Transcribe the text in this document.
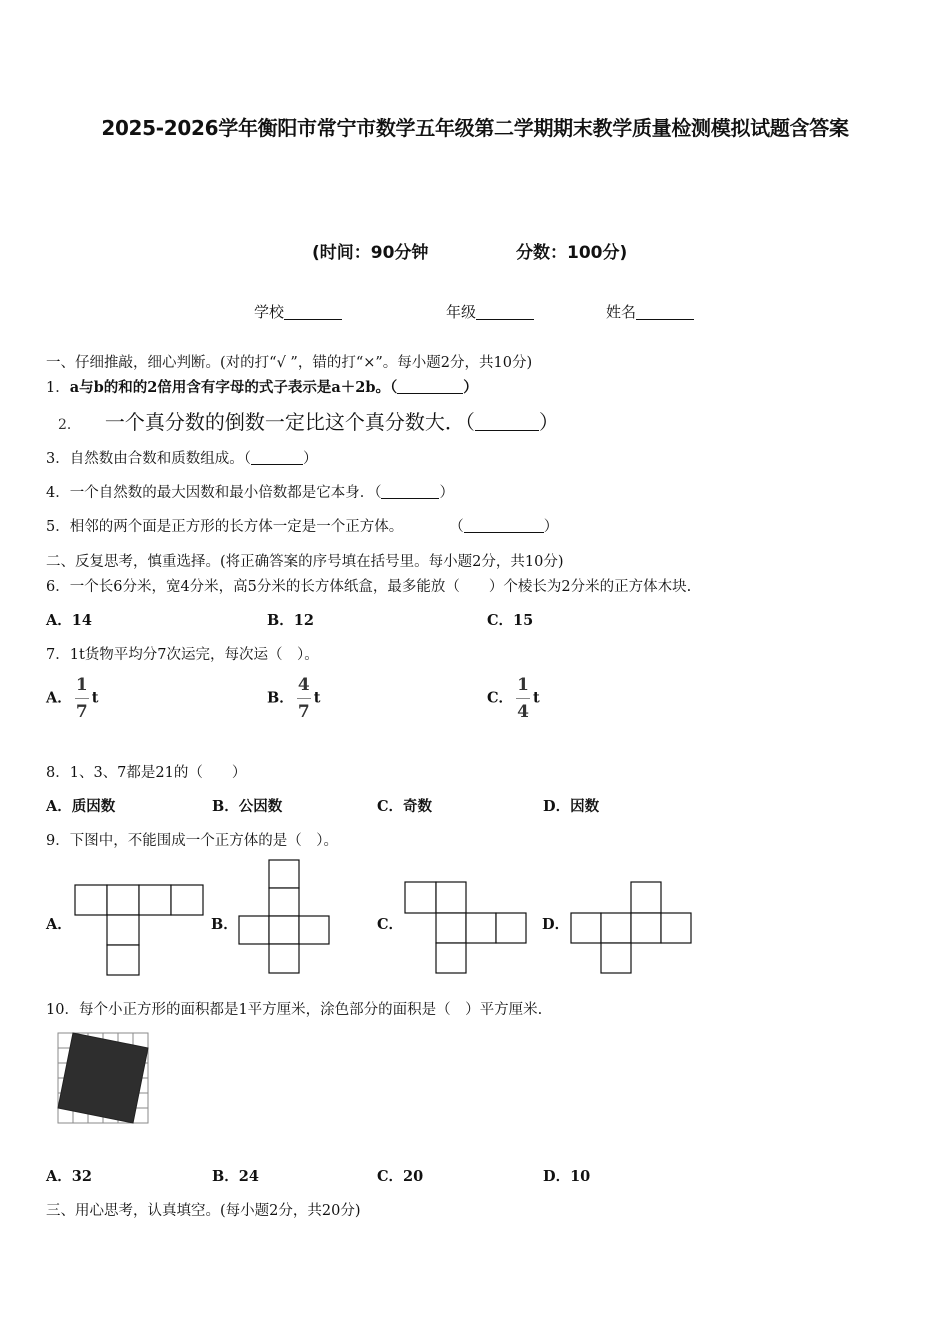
2025-2026学年衡阳市常宁市数学五年级第二学期期末教学质量检测模拟试题含答案
(时间：90分钟	分数：100分)
学校	年级	姓名
一、仔细推敲，细心判断。(对的打“√ ”，错的打“×”。每小题2分，共10分)
1．a与b的和的2倍用含有字母的式子表示是a＋2b。（	）
2． 一个真分数的倒数一定比这个真分数大．（	）
3．自然数由合数和质数组成。（	）
4．一个自然数的最大因数和最小倍数都是它本身．（	）
5．相邻的两个面是正方形的长方体一定是一个正方体。	（	）
二、反复思考，慎重选择。(将正确答案的序号填在括号里。每小题2分，共10分)
6．一个长6分米，宽4分米，高5分米的长方体纸盒，最多能放（　　）个棱长为2分米的正方体木块.
A．14	B．12	C．15
7．1t货物平均分7次运完，每次运（　）。
A． $\frac{1}{7}$ t	B． $\frac{4}{7}$ t	C． $\frac{1}{4}$ t
8．1、3、7都是21的（　　）
A．质因数	B．公因数	C．奇数	D．因数
9．下图中，不能围成一个正方体的是（　）。
A．	B．	C．	D．
10．每个小正方形的面积都是1平方厘米，涂色部分的面积是（　）平方厘米.
A．32	B．24	C．20	D．10
三、用心思考，认真填空。(每小题2分，共20分)
